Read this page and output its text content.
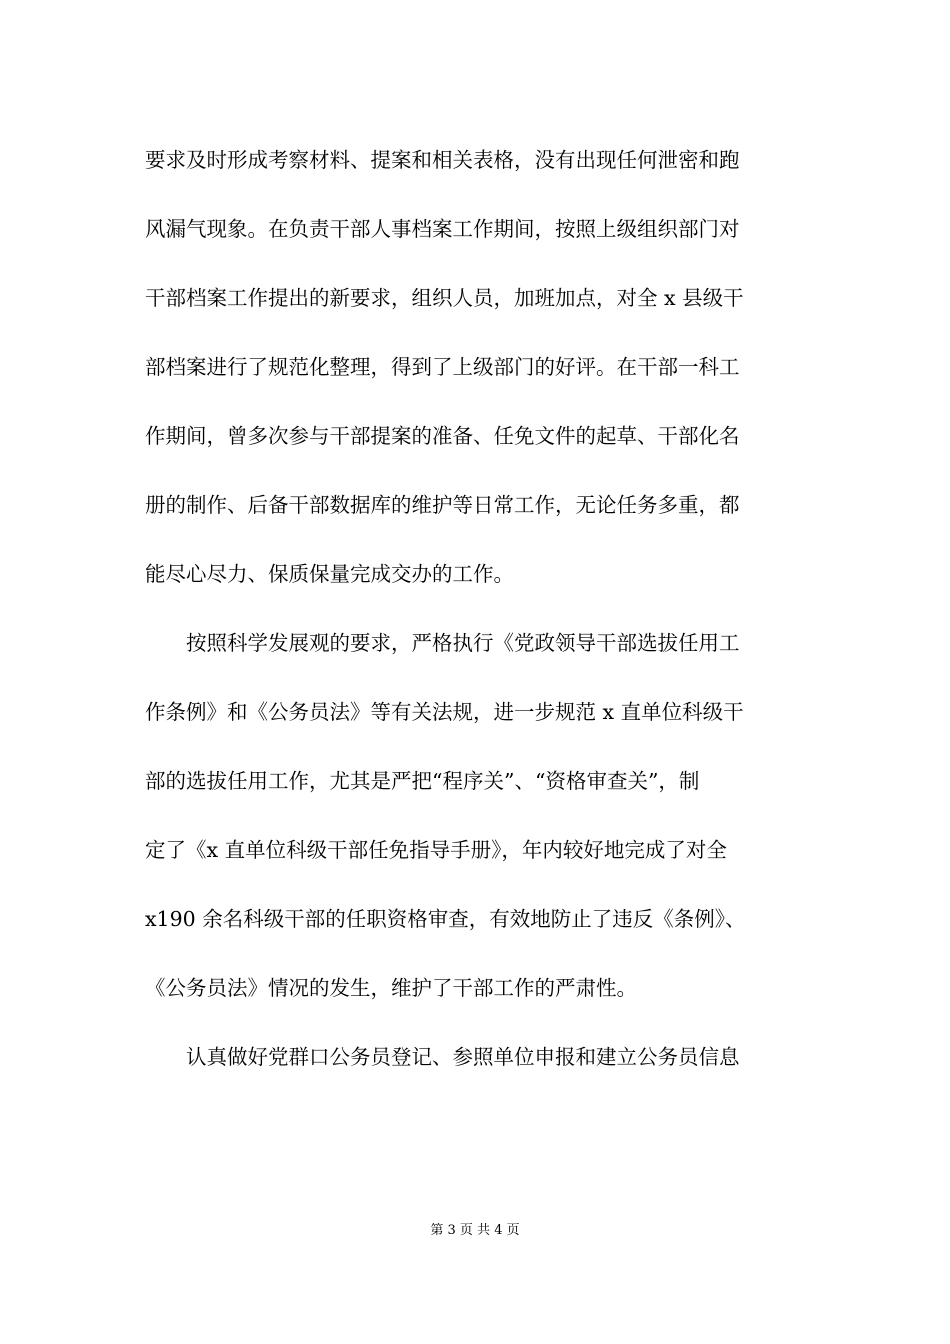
要求及时形成考察材料、提案和相关表格，没有出现任何泄密和跑

风漏气现象。在负责干部人事档案工作期间，按照上级组织部门对

干部档案工作提出的新要求，组织人员，加班加点，对全 x 县级干

部档案进行了规范化整理，得到了上级部门的好评。在干部一科工

作期间，曾多次参与干部提案的准备、任免文件的起草、干部化名

册的制作、后备干部数据库的维护等日常工作，无论任务多重，都

能尽心尽力、保质保量完成交办的工作。

按照科学发展观的要求，严格执行《党政领导干部选拔任用工

作条例》和《公务员法》等有关法规，进一步规范 x 直单位科级干

部的选拔任用工作，尤其是严把“程序关”、“资格审查关”，制

定了《x 直单位科级干部任免指导手册》，年内较好地完成了对全

x190 余名科级干部的任职资格审查，有效地防止了违反《条例》、

《公务员法》情况的发生，维护了干部工作的严肃性。

认真做好党群口公务员登记、参照单位申报和建立公务员信息

第 3 页 共 4 页
